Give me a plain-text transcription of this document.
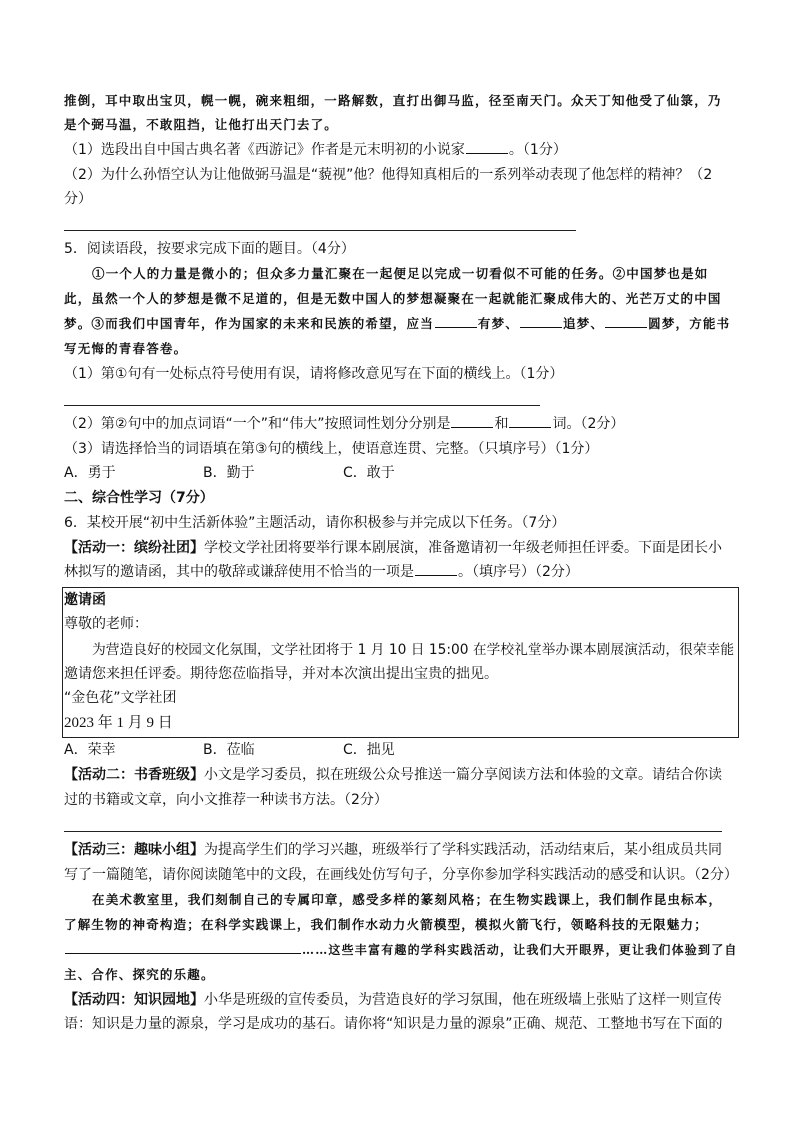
推倒，耳中取出宝贝，幌一幌，碗来粗细，一路解数，直打出御马监，径至南天门。众天丁知他受了仙箓，乃
是个弼马温，不敢阻挡，让他打出天门去了。
（1）选段出自中国古典名著《西游记》作者是元末明初的小说家	。（1分）
（2）为什么孙悟空认为让他做弼马温是“藐视”他？他得知真相后的一系列举动表现了他怎样的精神？（2
分）
5．阅读语段，按要求完成下面的题目。（4分）
①一个人的力量是微小的；但众多力量汇聚在一起便足以完成一切看似不可能的任务。②中国梦也是如
此，虽然一个人的梦想是微不足道的，但是无数中国人的梦想凝聚在一起就能汇聚成伟大的、光芒万丈的中国
梦。③而我们中国青年，作为国家的未来和民族的希望，应当	有梦、	追梦、	圆梦，方能书
写无悔的青春答卷。
（1）第①句有一处标点符号使用有误，请将修改意见写在下面的横线上。（1分）
（2）第②句中的加点词语“一个”和“伟大”按照词性划分分别是	和	词。（2分）
（3）请选择恰当的词语填在第③句的横线上，使语意连贯、完整。（只填序号）（1分）
A．勇于	B．勤于	C．敢于
二、综合性学习（7分）
6．某校开展“初中生活新体验”主题活动，请你积极参与并完成以下任务。（7分）
【活动一：缤纷社团】学校文学社团将要举行课本剧展演，准备邀请初一年级老师担任评委。下面是团长小
林拟写的邀请函，其中的敬辞或谦辞使用不恰当的一项是	。（填序号）（2分）
邀请函
尊敬的老师：
为营造良好的校园文化氛围，文学社团将于 1 月 10 日 15:00 在学校礼堂举办课本剧展演活动，很荣幸能
邀请您来担任评委。期待您莅临指导，并对本次演出提出宝贵的拙见。
“金色花”文学社团
2023 年 1 月 9 日
A．荣幸	B．莅临	C．拙见
【活动二：书香班级】小文是学习委员，拟在班级公众号推送一篇分享阅读方法和体验的文章。请结合你读
过的书籍或文章，向小文推荐一种读书方法。（2分）
【活动三：趣味小组】为提高学生们的学习兴趣，班级举行了学科实践活动，活动结束后，某小组成员共同
写了一篇随笔，请你阅读随笔中的文段，在画线处仿写句子，分享你参加学科实践活动的感受和认识。（2分）
在美术教室里，我们刻制自己的专属印章，感受多样的篆刻风格；在生物实践课上，我们制作昆虫标本，
了解生物的神奇构造；在科学实践课上，我们制作水动力火箭模型，模拟火箭飞行，领略科技的无限魅力；
……这些丰富有趣的学科实践活动，让我们大开眼界，更让我们体验到了自
主、合作、探究的乐趣。
【活动四：知识园地】小华是班级的宣传委员，为营造良好的学习氛围，他在班级墙上张贴了这样一则宣传
语：知识是力量的源泉，学习是成功的基石。请你将“知识是力量的源泉”正确、规范、工整地书写在下面的
